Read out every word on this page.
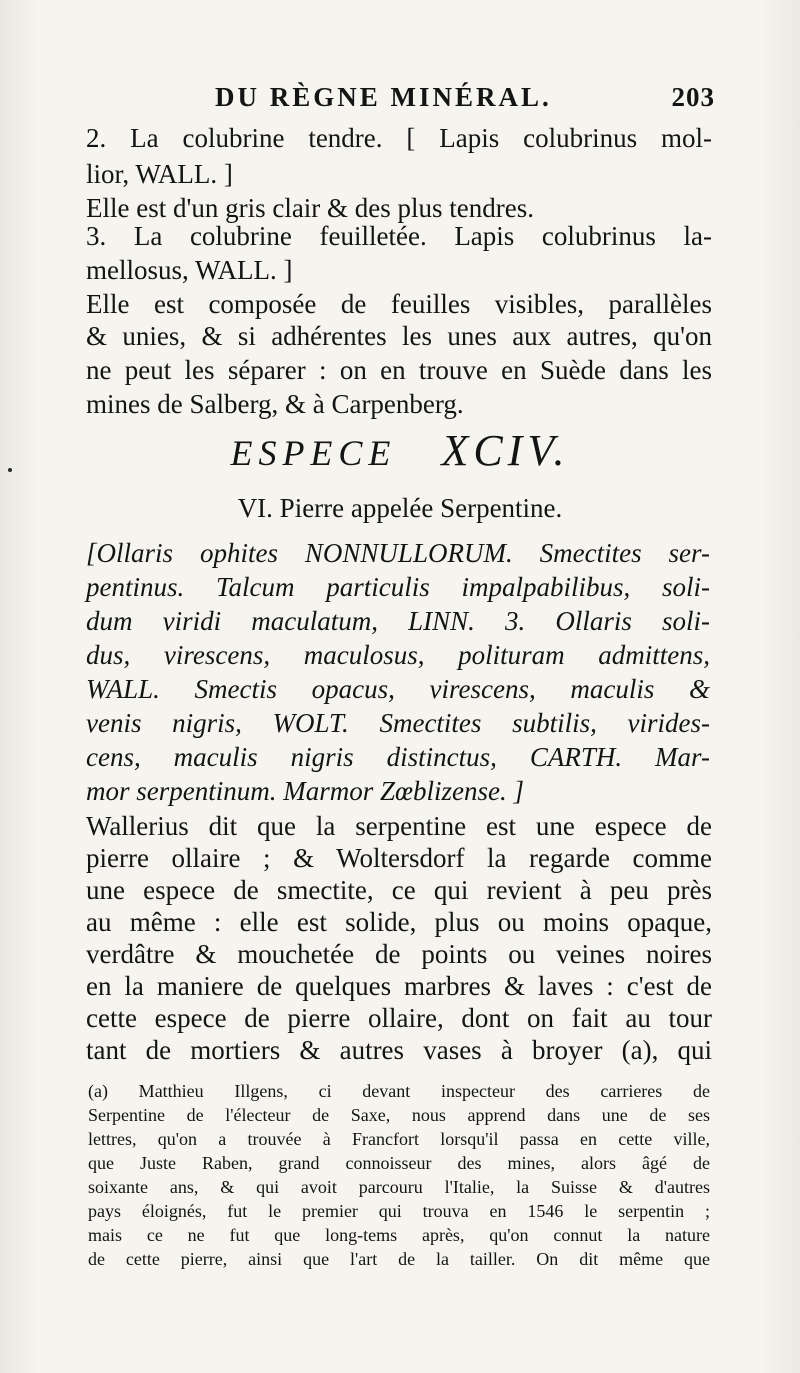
DU RÈGNE MINÉRAL.	203
2. La colubrine tendre. [ Lapis colubrinus mol-
lior, WALL. ]
Elle est d'un gris clair & des plus tendres.
3. La colubrine feuilletée. Lapis colubrinus la-
mellosus, WALL. ]
Elle est composée de feuilles visibles, parallèles
& unies, & si adhérentes les unes aux autres, qu'on
ne peut les séparer : on en trouve en Suède dans les
mines de Salberg, & à Carpenberg.
ESPECE XCIV.
VI. Pierre appelée Serpentine.
[Ollaris ophites NONNULLORUM. Smectites ser-
pentinus. Talcum particulis impalpabilibus, soli-
dum viridi maculatum, LINN. 3. Ollaris soli-
dus, virescens, maculosus, polituram admittens,
WALL. Smectis opacus, virescens, maculis &
venis nigris, WOLT. Smectites subtilis, virides-
cens, maculis nigris distinctus, CARTH. Mar-
mor serpentinum. Marmor Zœblizense. ]
Wallerius dit que la serpentine est une espece de
pierre ollaire ; & Woltersdorf la regarde comme
une espece de smectite, ce qui revient à peu près
au même : elle est solide, plus ou moins opaque,
verdâtre & mouchetée de points ou veines noires
en la maniere de quelques marbres & laves : c'est de
cette espece de pierre ollaire, dont on fait au tour
tant de mortiers & autres vases à broyer (a), qui
(a) Matthieu Illgens, ci devant inspecteur des carrieres de
Serpentine de l'électeur de Saxe, nous apprend dans une de ses
lettres, qu'on a trouvée à Francfort lorsqu'il passa en cette ville,
que Juste Raben, grand connoisseur des mines, alors âgé de
soixante ans, & qui avoit parcouru l'Italie, la Suisse & d'autres
pays éloignés, fut le premier qui trouva en 1546 le serpentin ;
mais ce ne fut que long-tems après, qu'on connut la nature
de cette pierre, ainsi que l'art de la tailler. On dit même que
